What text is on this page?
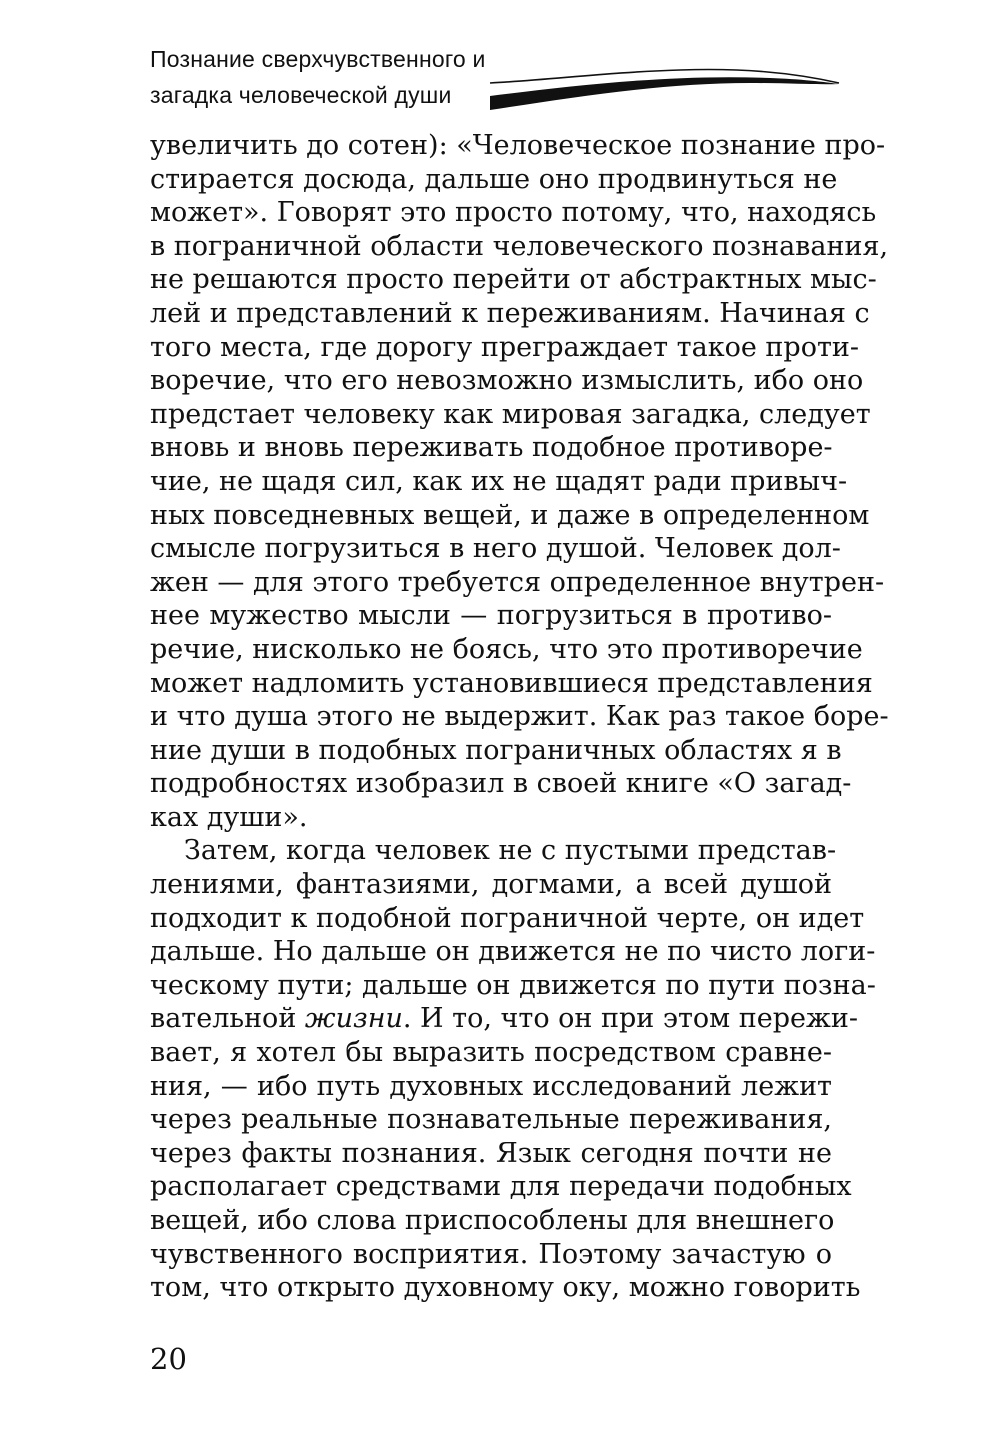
Познание сверхчувственного и
загадка человеческой души
увеличить до сотен): «Человеческое познание про-
стирается досюда, дальше оно продвинуться не
может». Говорят это просто потому, что, находясь
в пограничной области человеческого познавания,
не решаются просто перейти от абстрактных мыс-
лей и представлений к переживаниям. Начиная с
того места, где дорогу преграждает такое проти-
воречие, что его невозможно измыслить, ибо оно
предстает человеку как мировая загадка, следует
вновь и вновь переживать подобное противоре-
чие, не щадя сил, как их не щадят ради привыч-
ных повседневных вещей, и даже в определенном
смысле погрузиться в него душой. Человек дол-
жен — для этого требуется определенное внутрен-
нее мужество мысли — погрузиться в противо-
речие, нисколько не боясь, что это противоречие
может надломить установившиеся представления
и что душа этого не выдержит. Как раз такое боре-
ние души в подобных пограничных областях я в
подробностях изобразил в своей книге «О загад-
ках души».
Затем, когда человек не с пустыми представ-
лениями, фантазиями, догмами, а всей душой
подходит к подобной пограничной черте, он идет
дальше. Но дальше он движется не по чисто логи-
ческому пути; дальше он движется по пути позна-
вательной жизни. И то, что он при этом пережи-
вает, я хотел бы выразить посредством сравне-
ния, — ибо путь духовных исследований лежит
через реальные познавательные переживания,
через факты познания. Язык сегодня почти не
располагает средствами для передачи подобных
вещей, ибо слова приспособлены для внешнего
чувственного восприятия. Поэтому зачастую о
том, что открыто духовному оку, можно говорить
20
